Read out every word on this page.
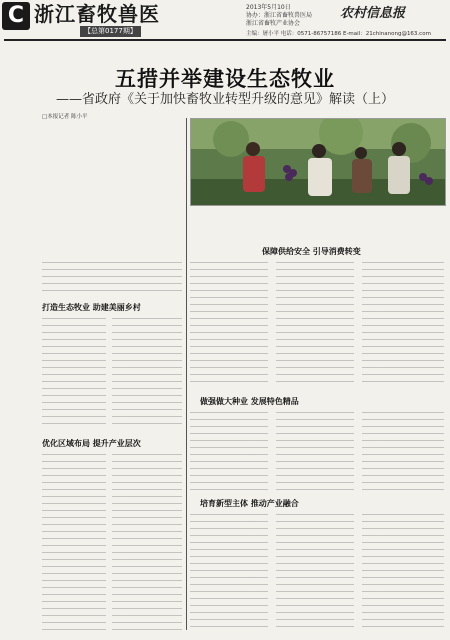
C 浙江畜牧兽医
【总第0177期】
2013年5月10日
协办：浙江省畜牧兽医局
浙江省畜牧产业协会
农村信息报
主编：屠小平 电话：0571-86757186 E-mail：21chinanong@163.com
五措并举建设生态牧业
——省政府《关于加快畜牧业转型升级的意见》解读（上）
□本报记者 陈小平
保障供给安全 引导消费转变
打造生态牧业 助建美丽乡村
做强做大种业 发展特色精品
优化区域布局 提升产业层次
培育新型主体 推动产业融合
